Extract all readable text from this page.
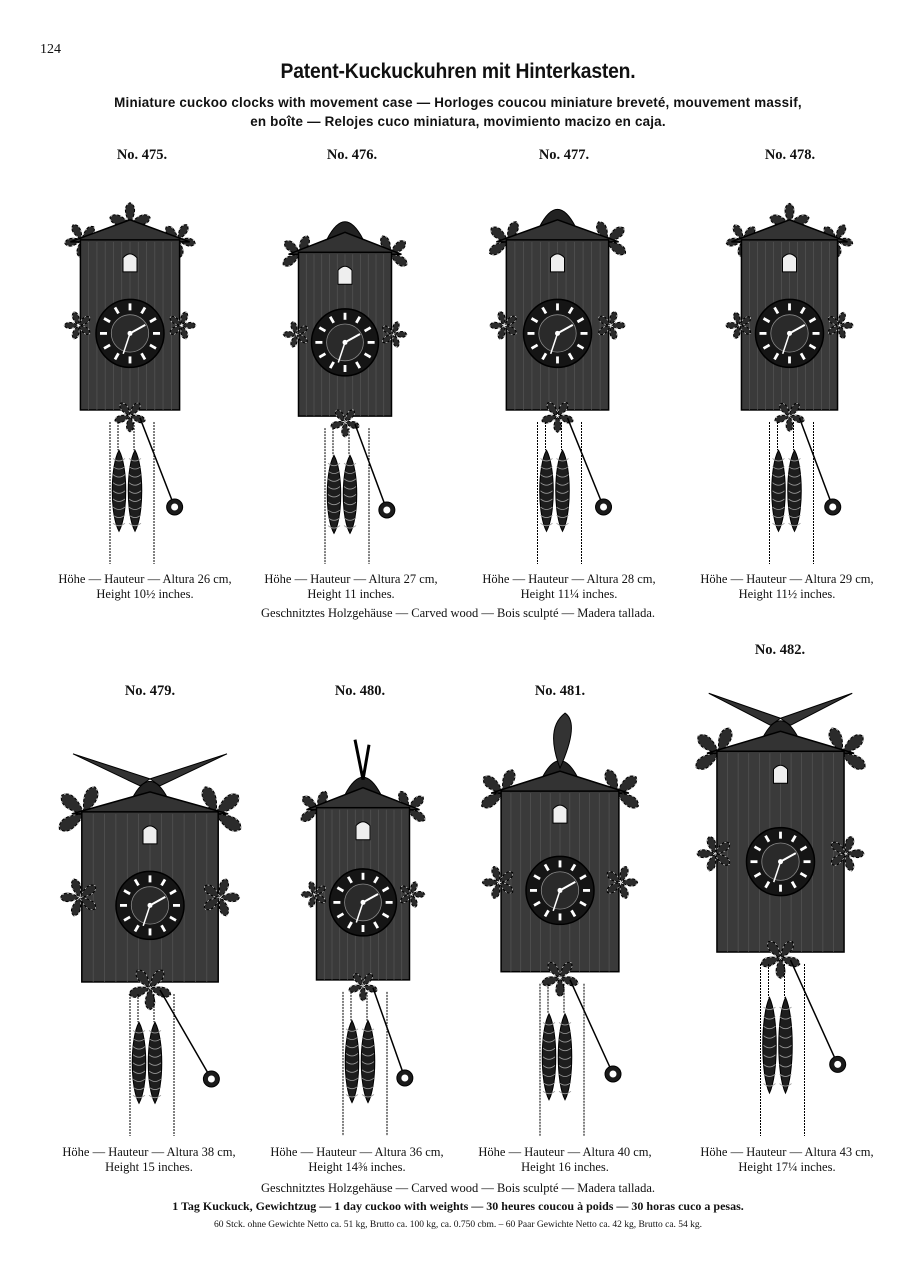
124
Patent-Kuckuckuhren mit Hinterkasten.
Miniature cuckoo clocks with movement case — Horloges coucou miniature breveté, mouvement massif,
en boîte — Relojes cuco miniatura, movimiento macizo en caja.
No. 475.	No. 476.	No. 477.	No. 478.
Höhe — Hauteur — Altura 26 cm,
Height 10½ inches.
Höhe — Hauteur — Altura 27 cm,
Height 11 inches.
Höhe — Hauteur — Altura 28 cm,
Height 11¼ inches.
Höhe — Hauteur — Altura 29 cm,
Height 11½ inches.
Geschnitztes Holzgehäuse — Carved wood — Bois sculpté — Madera tallada.
No. 479.	No. 480.	No. 481.
No. 482.
Höhe — Hauteur — Altura 38 cm,
Height 15 inches.
Höhe — Hauteur — Altura 36 cm,
Height 14⅜ inches.
Höhe — Hauteur — Altura 40 cm,
Height 16 inches.
Höhe — Hauteur — Altura 43 cm,
Height 17¼ inches.
Geschnitztes Holzgehäuse — Carved wood — Bois sculpté — Madera tallada.
1 Tag Kuckuck, Gewichtzug — 1 day cuckoo with weights — 30 heures coucou à poids — 30 horas cuco a pesas.
60 Stck. ohne Gewichte Netto ca. 51 kg, Brutto ca. 100 kg, ca. 0.750 cbm. – 60 Paar Gewichte Netto ca. 42 kg, Brutto ca. 54 kg.
